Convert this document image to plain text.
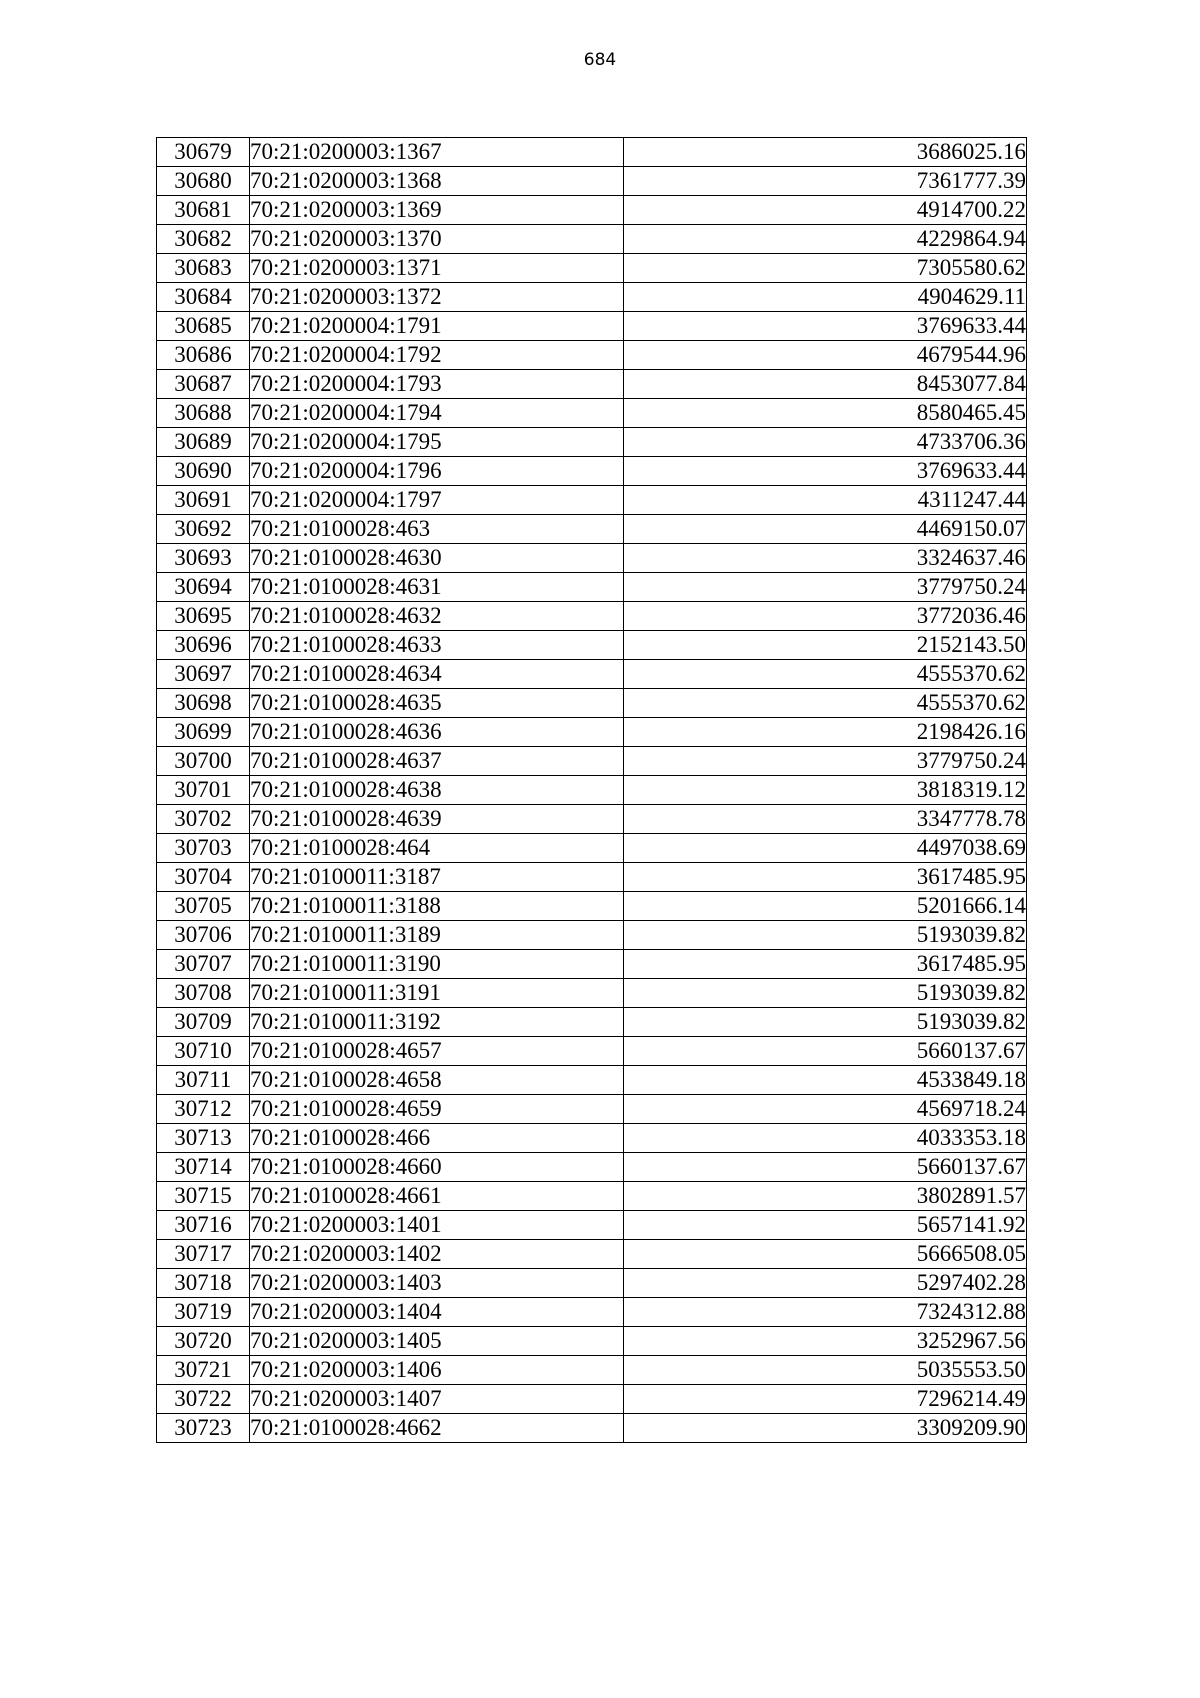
684
30679	70:21:0200003:1367	3686025.16
30680	70:21:0200003:1368	7361777.39
30681	70:21:0200003:1369	4914700.22
30682	70:21:0200003:1370	4229864.94
30683	70:21:0200003:1371	7305580.62
30684	70:21:0200003:1372	4904629.11
30685	70:21:0200004:1791	3769633.44
30686	70:21:0200004:1792	4679544.96
30687	70:21:0200004:1793	8453077.84
30688	70:21:0200004:1794	8580465.45
30689	70:21:0200004:1795	4733706.36
30690	70:21:0200004:1796	3769633.44
30691	70:21:0200004:1797	4311247.44
30692	70:21:0100028:463	4469150.07
30693	70:21:0100028:4630	3324637.46
30694	70:21:0100028:4631	3779750.24
30695	70:21:0100028:4632	3772036.46
30696	70:21:0100028:4633	2152143.50
30697	70:21:0100028:4634	4555370.62
30698	70:21:0100028:4635	4555370.62
30699	70:21:0100028:4636	2198426.16
30700	70:21:0100028:4637	3779750.24
30701	70:21:0100028:4638	3818319.12
30702	70:21:0100028:4639	3347778.78
30703	70:21:0100028:464	4497038.69
30704	70:21:0100011:3187	3617485.95
30705	70:21:0100011:3188	5201666.14
30706	70:21:0100011:3189	5193039.82
30707	70:21:0100011:3190	3617485.95
30708	70:21:0100011:3191	5193039.82
30709	70:21:0100011:3192	5193039.82
30710	70:21:0100028:4657	5660137.67
30711	70:21:0100028:4658	4533849.18
30712	70:21:0100028:4659	4569718.24
30713	70:21:0100028:466	4033353.18
30714	70:21:0100028:4660	5660137.67
30715	70:21:0100028:4661	3802891.57
30716	70:21:0200003:1401	5657141.92
30717	70:21:0200003:1402	5666508.05
30718	70:21:0200003:1403	5297402.28
30719	70:21:0200003:1404	7324312.88
30720	70:21:0200003:1405	3252967.56
30721	70:21:0200003:1406	5035553.50
30722	70:21:0200003:1407	7296214.49
30723	70:21:0100028:4662	3309209.90
